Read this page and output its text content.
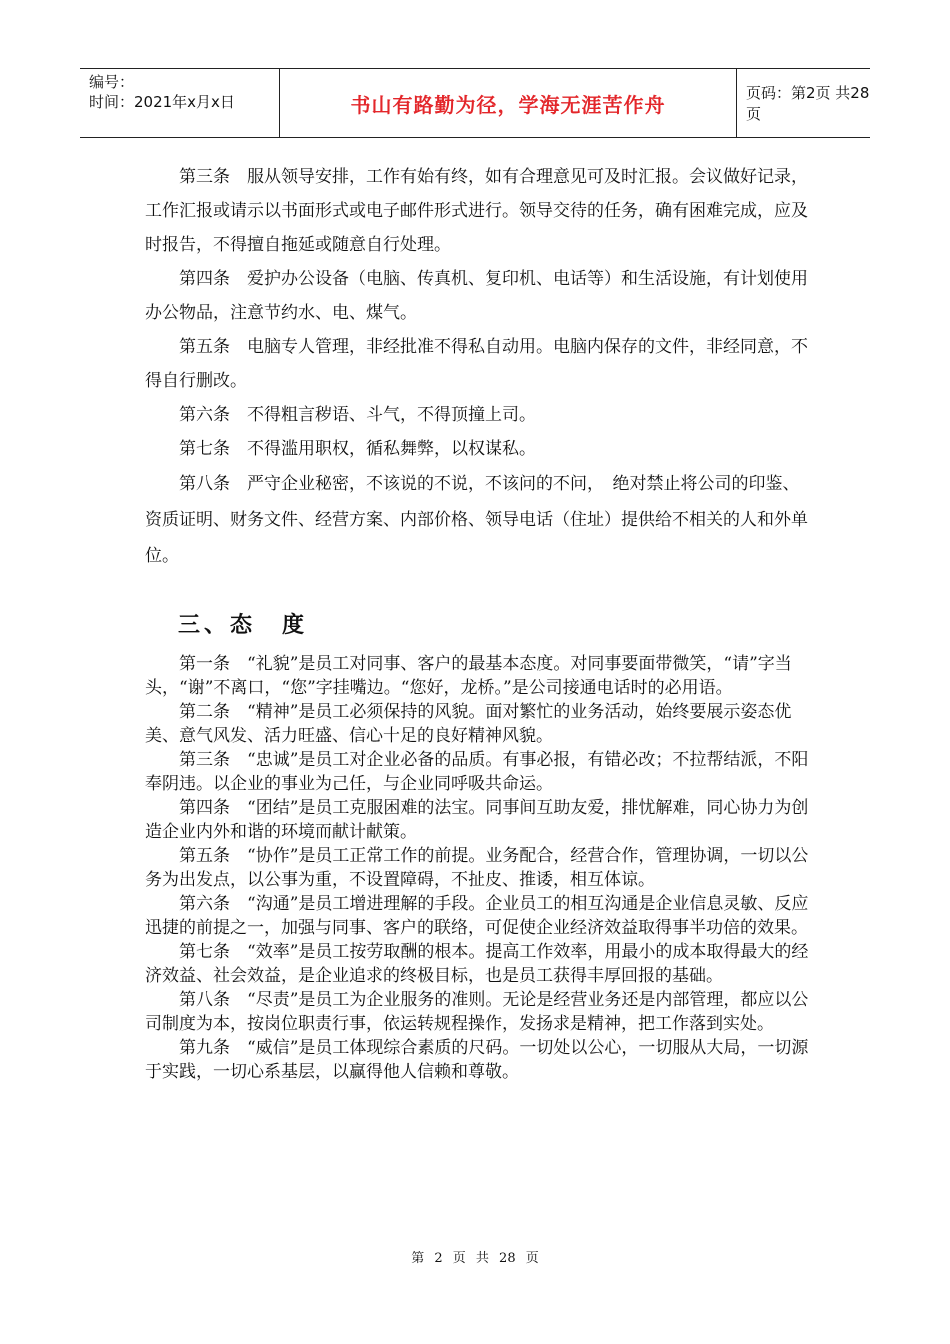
编号：
时间：2021年x月x日	书山有路勤为径，学海无涯苦作舟	页码：第2页 共28页

第三条　服从领导安排，工作有始有终，如有合理意见可及时汇报。会议做好记录，工作汇报或请示以书面形式或电子邮件形式进行。领导交待的任务，确有困难完成，应及时报告，不得擅自拖延或随意自行处理。

第四条　爱护办公设备（电脑、传真机、复印机、电话等）和生活设施，有计划使用办公物品，注意节约水、电、煤气。

第五条　电脑专人管理，非经批准不得私自动用。电脑内保存的文件，非经同意，不得自行删改。

第六条　不得粗言秽语、斗气，不得顶撞上司。

第七条　不得滥用职权，循私舞弊，以权谋私。

第八条　严守企业秘密，不该说的不说，不该问的不问，　绝对禁止将公司的印鉴、资质证明、财务文件、经营方案、内部价格、领导电话（住址）提供给不相关的人和外单位。

三、态　度

第一条　“礼貌”是员工对同事、客户的最基本态度。对同事要面带微笑，“请”字当头，“谢”不离口，“您”字挂嘴边。“您好，龙桥。”是公司接通电话时的必用语。

第二条　“精神”是员工必须保持的风貌。面对繁忙的业务活动，始终要展示姿态优美、意气风发、活力旺盛、信心十足的良好精神风貌。

第三条　“忠诚”是员工对企业必备的品质。有事必报，有错必改；不拉帮结派，不阳奉阴违。以企业的事业为己任，与企业同呼吸共命运。

第四条　“团结”是员工克服困难的法宝。同事间互助友爱，排忧解难，同心协力为创造企业内外和谐的环境而献计献策。

第五条　“协作”是员工正常工作的前提。业务配合，经营合作，管理协调，一切以公务为出发点，以公事为重，不设置障碍，不扯皮、推诿，相互体谅。

第六条　“沟通”是员工增进理解的手段。企业员工的相互沟通是企业信息灵敏、反应迅捷的前提之一，加强与同事、客户的联络，可促使企业经济效益取得事半功倍的效果。

第七条　“效率”是员工按劳取酬的根本。提高工作效率，用最小的成本取得最大的经济效益、社会效益，是企业追求的终极目标，也是员工获得丰厚回报的基础。

第八条　“尽责”是员工为企业服务的准则。无论是经营业务还是内部管理，都应以公司制度为本，按岗位职责行事，依运转规程操作，发扬求是精神，把工作落到实处。

第九条　“威信”是员工体现综合素质的尺码。一切处以公心，一切服从大局，一切源于实践，一切心系基层，以赢得他人信赖和尊敬。

第 2 页 共 28 页
